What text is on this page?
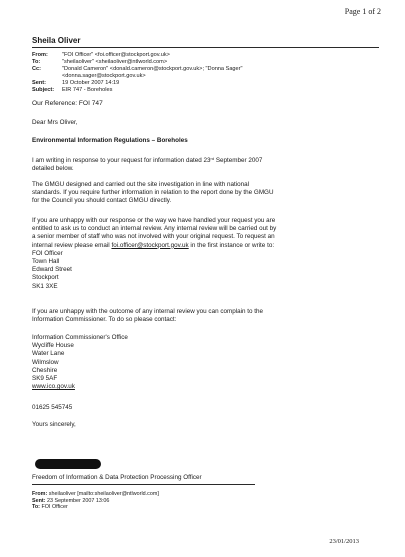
Page 1 of 2
Sheila Oliver
From:	"FOI Officer" <foi.officer@stockport.gov.uk>
To:	"sheilaoliver" <sheilaoliver@ntlworld.com>
Cc:	"Donald Cameron" <donald.cameron@stockport.gov.uk>; "Donna Sager"
<donna.sager@stockport.gov.uk>
Sent:	19 October 2007 14:19
Subject: EIR 747 - Boreholes
Our Reference: FOI 747
Dear Mrs Oliver,
Environmental Information Regulations – Boreholes
I am writing in response to your request for information dated 23rd September 2007
detailed below.
The GMGU designed and carried out the site investigation in line with national
standards. If you require further information in relation to the report done by the GMGU
for the Council you should contact GMGU directly.
If you are unhappy with our response or the way we have handled your request you are
entitled to ask us to conduct an internal review. Any internal review will be carried out by
a senior member of staff who was not involved with your original request. To request an
internal review please email foi.officer@stockport.gov.uk in the first instance or write to:
FOI Officer
Town Hall
Edward Street
Stockport
SK1 3XE
If you are unhappy with the outcome of any internal review you can complain to the
Information Commissioner. To do so please contact:
Information Commissioner's Office
Wycliffe House
Water Lane
Wilmslow
Cheshire
SK9 5AF
www.ico.gov.uk
01625 545745
Yours sincerely,
Freedom of Information & Data Protection Processing Officer
From: sheilaoliver [mailto:sheilaoliver@ntlworld.com]
Sent: 23 September 2007 13:06
To: FOI Officer
23/01/2013
